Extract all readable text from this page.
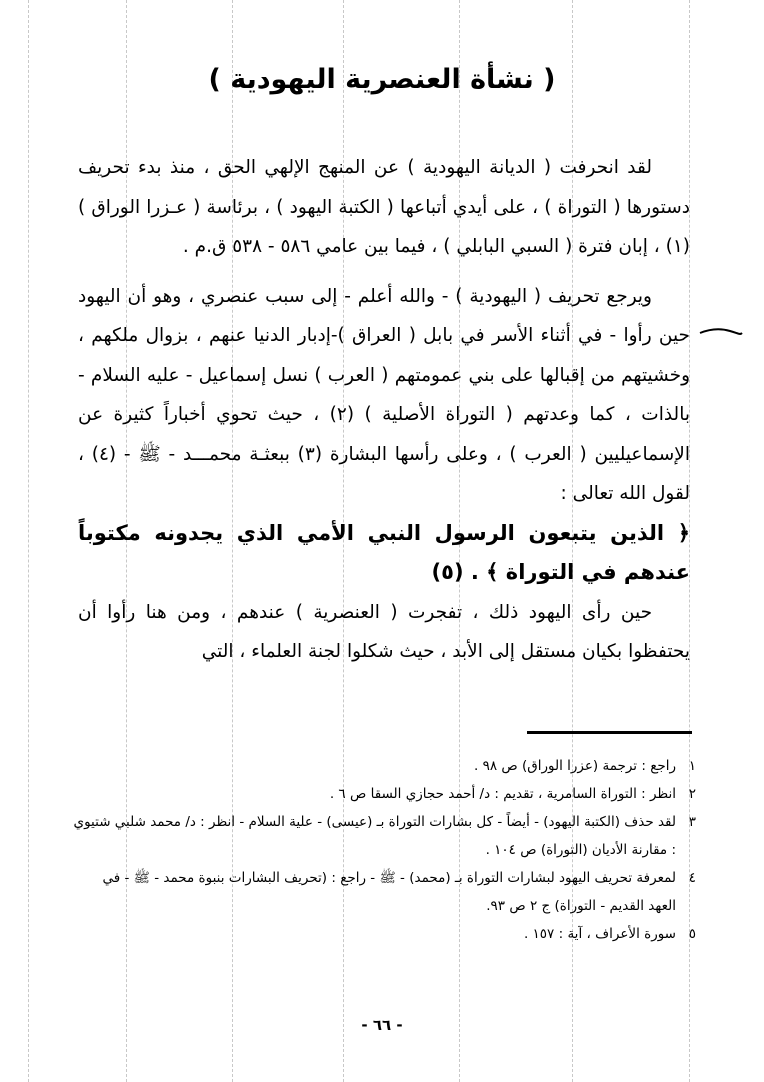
( نشأة العنصرية اليهودية )

لقد انحرفت ( الديانة اليهودية ) عن المنهج الإلهي الحق ، منذ بدء تحريف دستورها ( التوراة ) ، على أيدي أتباعها ( الكتبة اليهود ) ، برئاسة ( عـزرا الوراق ) (١) ، إبان فترة ( السبي البابلي ) ، فيما بين عامي ٥٨٦ - ٥٣٨ ق.م .

ويرجع تحريف ( اليهودية ) - والله أعلم - إلى سبب عنصري ، وهو أن اليهود حين رأوا - في أثناء الأسر في بابل ( العراق )-إدبار الدنيا عنهم ، بزوال ملكهم ، وخشيتهم من إقبالها على بني عمومتهم ( العرب ) نسل إسماعيل - عليه السلام - بالذات ، كما وعدتهم ( التوراة الأصلية ) (٢) ، حيث تحوي أخباراً كثيرة عن الإسماعيليين ( العرب ) ، وعلى رأسها البشارة (٣) ببعثـة محمـــد - ﷺ - (٤) ، لقول الله تعالى :

﴿ الذين يتبعون الرسول النبي الأمي الذي يجدونه مكتوباً عندهم في التوراة ﴾ . (٥)

حين رأى اليهود ذلك ، تفجرت ( العنصرية ) عندهم ، ومن هنا رأوا أن يحتفظوا بكيان مستقل إلى الأبد ، حيث شكلوا لجنة العلماء ، التي

١
راجع : ترجمة (عزرا الوراق) ص ٩٨ .
٢
انظر : التوراة السامرية ، تقديم : د/ أحمد حجازي السقا ص ٦ .
٣
لقد حذف (الكتبة اليهود) - أيضاً - كل بشارات التوراة بـ (عيسى) - علية السلام - انظر : د/ محمد شلبي شتيوي : مقارنة الأديان (التوراة) ص ١٠٤ .
٤
لمعرفة تحريف اليهود لبشارات التوراة بـ (محمد) - ﷺ - راجع : (تحريف البشارات بنبوة محمد - ﷺ - في العهد القديم - التوراة) ج ٢ ص ٩٣.
٥
سورة الأعراف ، آية : ١٥٧ .
- ٦٦ -
